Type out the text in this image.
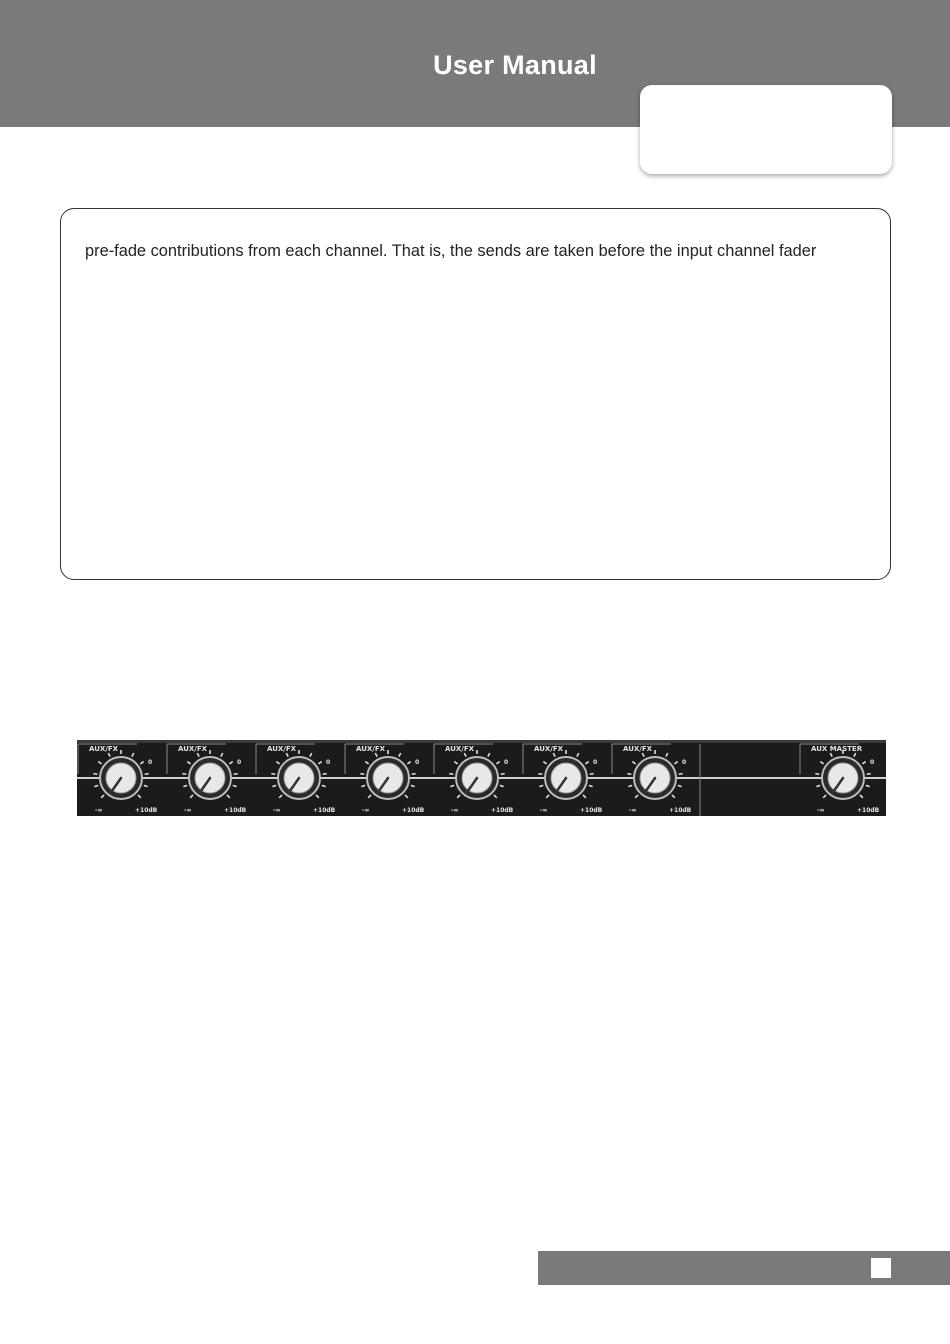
User Manual
pre-fade contributions from each channel. That is, the sends are taken before the input channel fader
AUX/FX
0
-∞	+10dB
AUX/FX
0
-∞	+10dB
AUX/FX
0
-∞	+10dB
AUX/FX
0
-∞	+10dB
AUX/FX
0
-∞	+10dB
AUX/FX
0
-∞	+10dB
AUX/FX
0
-∞	+10dB
AUX MASTER
0
-∞	+10dB
